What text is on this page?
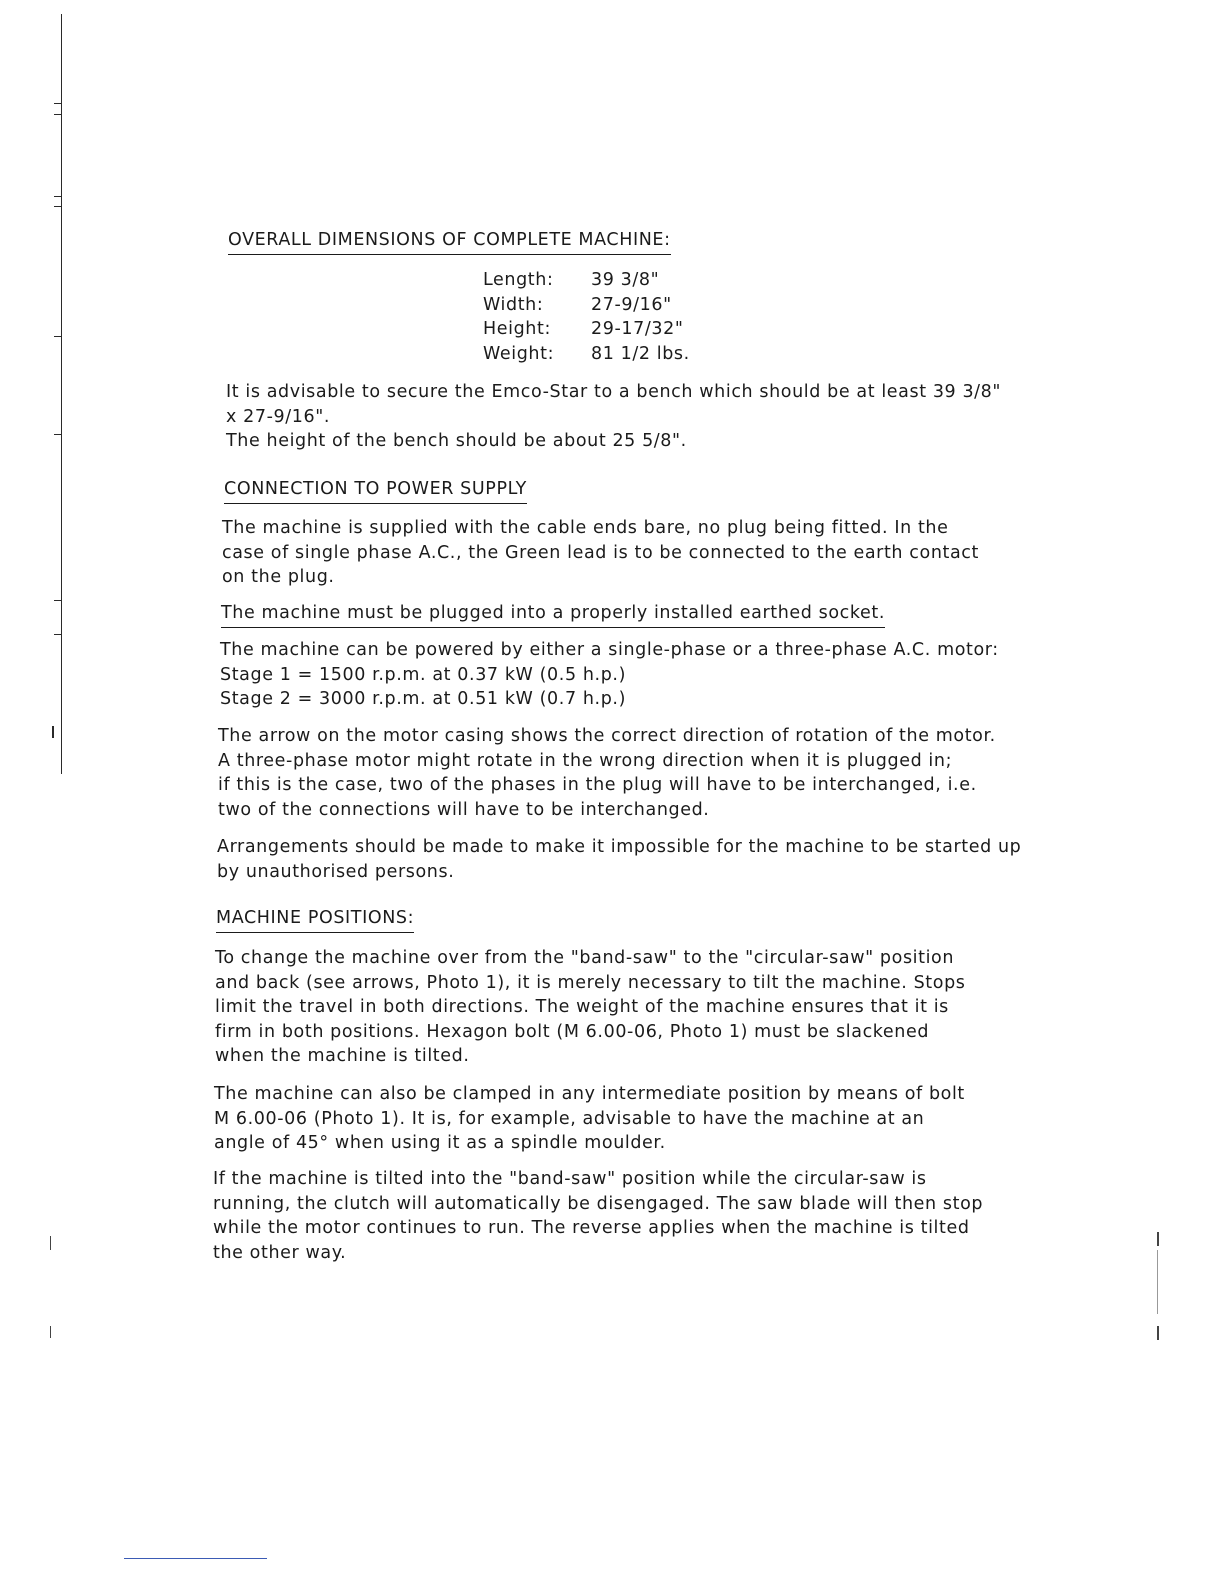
OVERALL DIMENSIONS OF COMPLETE MACHINE:
Length:	39 3/8"
Width:	27-9/16"
Height:	29-17/32"
Weight:	81 1/2 lbs.
It is advisable to secure the Emco-Star to a bench which should be at least 39 3/8"
x 27-9/16".
The height of the bench should be about 25 5/8".
CONNECTION TO POWER SUPPLY
The machine is supplied with the cable ends bare, no plug being fitted. In the
case of single phase A.C., the Green lead is to be connected to the earth contact
on the plug.
The machine must be plugged into a properly installed earthed socket.
The machine can be powered by either a single-phase or a three-phase A.C. motor:
Stage 1 = 1500 r.p.m. at 0.37 kW (0.5 h.p.)
Stage 2 = 3000 r.p.m. at 0.51 kW (0.7 h.p.)
The arrow on the motor casing shows the correct direction of rotation of the motor.
A three-phase motor might rotate in the wrong direction when it is plugged in;
if this is the case, two of the phases in the plug will have to be interchanged, i.e.
two of the connections will have to be interchanged.
Arrangements should be made to make it impossible for the machine to be started up
by unauthorised persons.
MACHINE POSITIONS:
To change the machine over from the "band-saw" to the "circular-saw" position
and back (see arrows, Photo 1), it is merely necessary to tilt the machine. Stops
limit the travel in both directions. The weight of the machine ensures that it is
firm in both positions. Hexagon bolt (M 6.00-06, Photo 1) must be slackened
when the machine is tilted.
The machine can also be clamped in any intermediate position by means of bolt
M 6.00-06 (Photo 1). It is, for example, advisable to have the machine at an
angle of 45° when using it as a spindle moulder.
If the machine is tilted into the "band-saw" position while the circular-saw is
running, the clutch will automatically be disengaged. The saw blade will then stop
while the motor continues to run. The reverse applies when the machine is tilted
the other way.
